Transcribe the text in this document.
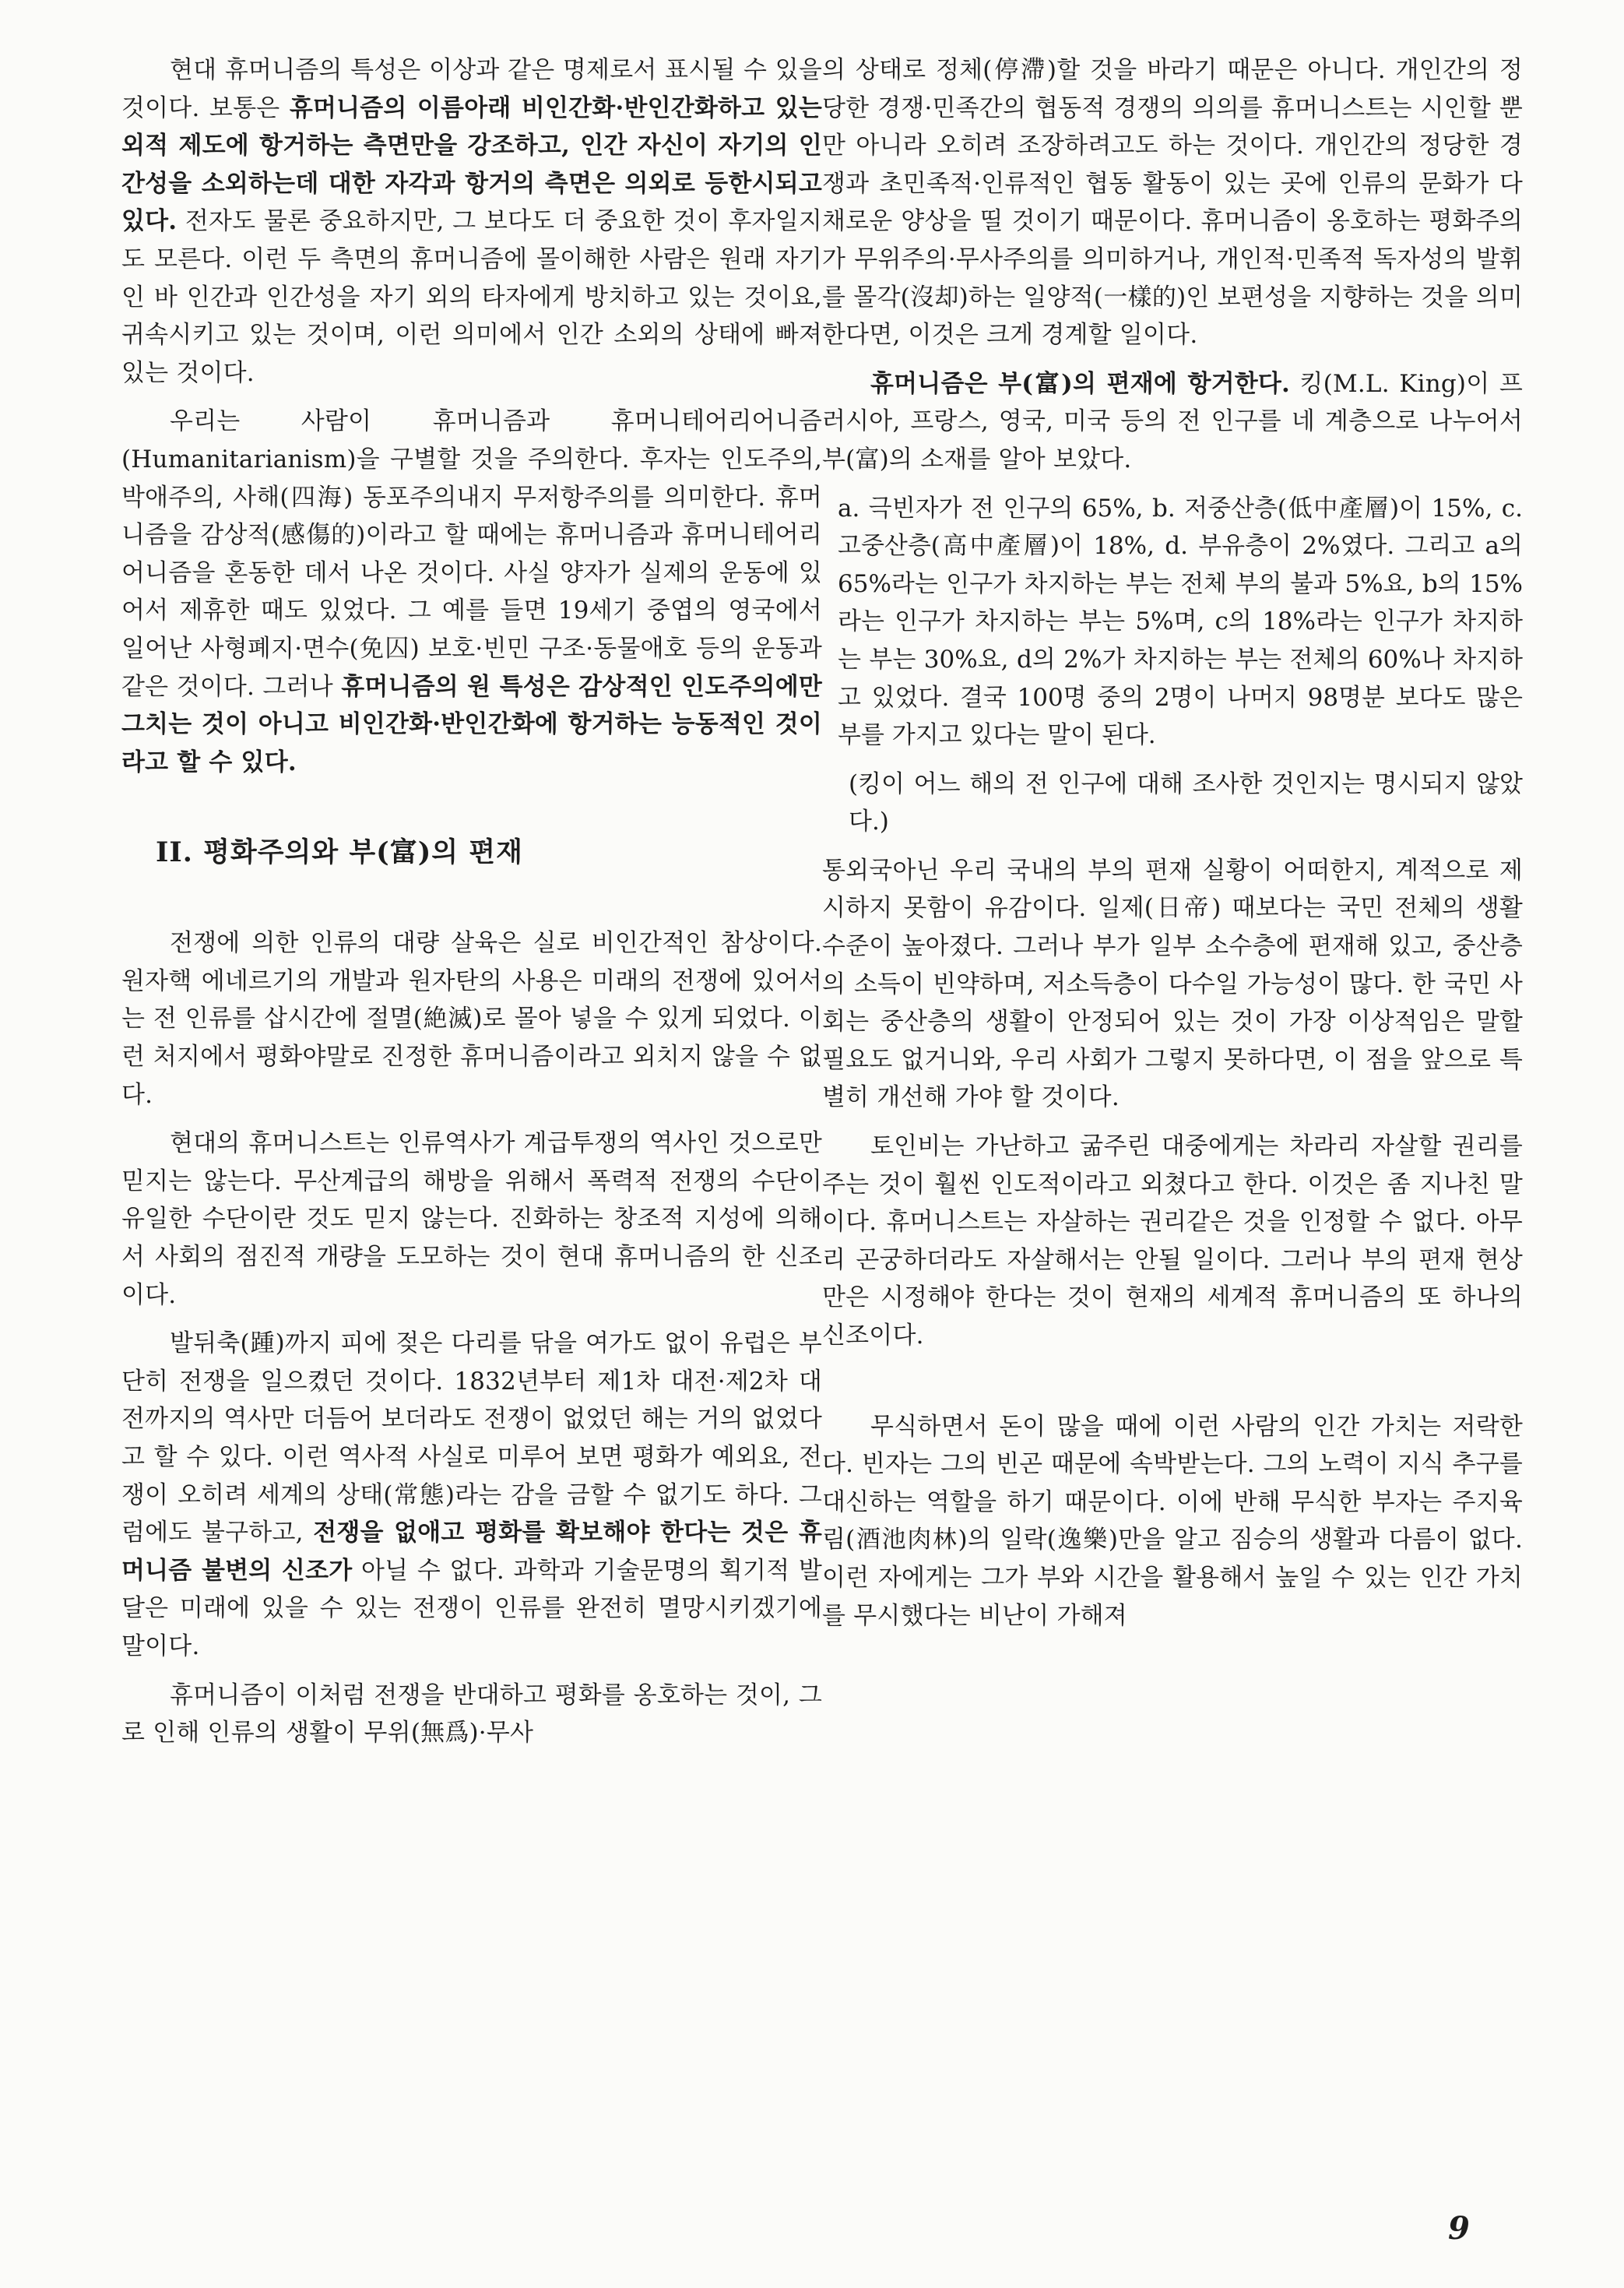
현대 휴머니즘의 특성은 이상과 같은 명제로서 표시될 수 있을 것이다. 보통은 휴머니즘의 이름아래 비인간화·반인간화하고 있는 외적 제도에 항거하는 측면만을 강조하고, 인간 자신이 자기의 인간성을 소외하는데 대한 자각과 항거의 측면은 의외로 등한시되고 있다. 전자도 물론 중요하지만, 그 보다도 더 중요한 것이 후자일지도 모른다. 이런 두 측면의 휴머니즘에 몰이해한 사람은 원래 자기인 바 인간과 인간성을 자기 외의 타자에게 방치하고 있는 것이요, 귀속시키고 있는 것이며, 이런 의미에서 인간 소외의 상태에 빠져 있는 것이다.

우리는 사람이 휴머니즘과 휴머니테어리어니즘(Humanitarianism)을 구별할 것을 주의한다. 후자는 인도주의, 박애주의, 사해(四海) 동포주의내지 무저항주의를 의미한다. 휴머니즘을 감상적(感傷的)이라고 할 때에는 휴머니즘과 휴머니테어리어니즘을 혼동한 데서 나온 것이다. 사실 양자가 실제의 운동에 있어서 제휴한 때도 있었다. 그 예를 들면 19세기 중엽의 영국에서 일어난 사형폐지·면수(免囚) 보호·빈민 구조·동물애호 등의 운동과 같은 것이다. 그러나 휴머니즘의 원 특성은 감상적인 인도주의에만 그치는 것이 아니고 비인간화·반인간화에 항거하는 능동적인 것이라고 할 수 있다.

II. 평화주의와 부(富)의 편재

전쟁에 의한 인류의 대량 살육은 실로 비인간적인 참상이다. 원자핵 에네르기의 개발과 원자탄의 사용은 미래의 전쟁에 있어서는 전 인류를 삽시간에 절멸(絶滅)로 몰아 넣을 수 있게 되었다. 이런 처지에서 평화야말로 진정한 휴머니즘이라고 외치지 않을 수 없다.

현대의 휴머니스트는 인류역사가 계급투쟁의 역사인 것으로만 믿지는 않는다. 무산계급의 해방을 위해서 폭력적 전쟁의 수단이 유일한 수단이란 것도 믿지 않는다. 진화하는 창조적 지성에 의해서 사회의 점진적 개량을 도모하는 것이 현대 휴머니즘의 한 신조이다.

발뒤축(踵)까지 피에 젖은 다리를 닦을 여가도 없이 유럽은 부단히 전쟁을 일으켰던 것이다. 1832년부터 제1차 대전·제2차 대전까지의 역사만 더듬어 보더라도 전쟁이 없었던 해는 거의 없었다고 할 수 있다. 이런 역사적 사실로 미루어 보면 평화가 예외요, 전쟁이 오히려 세계의 상태(常態)라는 감을 금할 수 없기도 하다. 그럼에도 불구하고, 전쟁을 없애고 평화를 확보해야 한다는 것은 휴머니즘 불변의 신조가 아닐 수 없다. 과학과 기술문명의 획기적 발달은 미래에 있을 수 있는 전쟁이 인류를 완전히 멸망시키겠기에 말이다.

휴머니즘이 이처럼 전쟁을 반대하고 평화를 옹호하는 것이, 그로 인해 인류의 생활이 무위(無爲)·무사

의 상태로 정체(停滯)할 것을 바라기 때문은 아니다. 개인간의 정당한 경쟁·민족간의 협동적 경쟁의 의의를 휴머니스트는 시인할 뿐만 아니라 오히려 조장하려고도 하는 것이다. 개인간의 정당한 경쟁과 초민족적·인류적인 협동 활동이 있는 곳에 인류의 문화가 다채로운 양상을 띨 것이기 때문이다. 휴머니즘이 옹호하는 평화주의가 무위주의·무사주의를 의미하거나, 개인적·민족적 독자성의 발휘를 몰각(沒却)하는 일양적(一樣的)인 보편성을 지향하는 것을 의미한다면, 이것은 크게 경계할 일이다.

휴머니즘은 부(富)의 편재에 항거한다. 킹(M.L. King)이 프러시아, 프랑스, 영국, 미국 등의 전 인구를 네 계층으로 나누어서 부(富)의 소재를 알아 보았다.

a. 극빈자가 전 인구의 65%, b. 저중산층(低中產層)이 15%, c. 고중산층(高中產層)이 18%, d. 부유층이 2%였다. 그리고 a의 65%라는 인구가 차지하는 부는 전체 부의 불과 5%요, b의 15%라는 인구가 차지하는 부는 5%며, c의 18%라는 인구가 차지하는 부는 30%요, d의 2%가 차지하는 부는 전체의 60%나 차지하고 있었다. 결국 100명 중의 2명이 나머지 98명분 보다도 많은 부를 가지고 있다는 말이 된다.

(킹이 어느 해의 전 인구에 대해 조사한 것인지는 명시되지 않았다.)

통외국아닌 우리 국내의 부의 편재 실황이 어떠한지, 계적으로 제시하지 못함이 유감이다. 일제(日帝) 때보다는 국민 전체의 생활 수준이 높아졌다. 그러나 부가 일부 소수층에 편재해 있고, 중산층의 소득이 빈약하며, 저소득층이 다수일 가능성이 많다. 한 국민 사회는 중산층의 생활이 안정되어 있는 것이 가장 이상적임은 말할 필요도 없거니와, 우리 사회가 그렇지 못하다면, 이 점을 앞으로 특별히 개선해 가야 할 것이다.

토인비는 가난하고 굶주린 대중에게는 차라리 자살할 권리를 주는 것이 훨씬 인도적이라고 외쳤다고 한다. 이것은 좀 지나친 말이다. 휴머니스트는 자살하는 권리같은 것을 인정할 수 없다. 아무리 곤궁하더라도 자살해서는 안될 일이다. 그러나 부의 편재 현상만은 시정해야 한다는 것이 현재의 세계적 휴머니즘의 또 하나의 신조이다.

무식하면서 돈이 많을 때에 이런 사람의 인간 가치는 저락한다. 빈자는 그의 빈곤 때문에 속박받는다. 그의 노력이 지식 추구를 대신하는 역할을 하기 때문이다. 이에 반해 무식한 부자는 주지육림(酒池肉林)의 일락(逸樂)만을 알고 짐승의 생활과 다름이 없다. 이런 자에게는 그가 부와 시간을 활용해서 높일 수 있는 인간 가치를 무시했다는 비난이 가해져

9
